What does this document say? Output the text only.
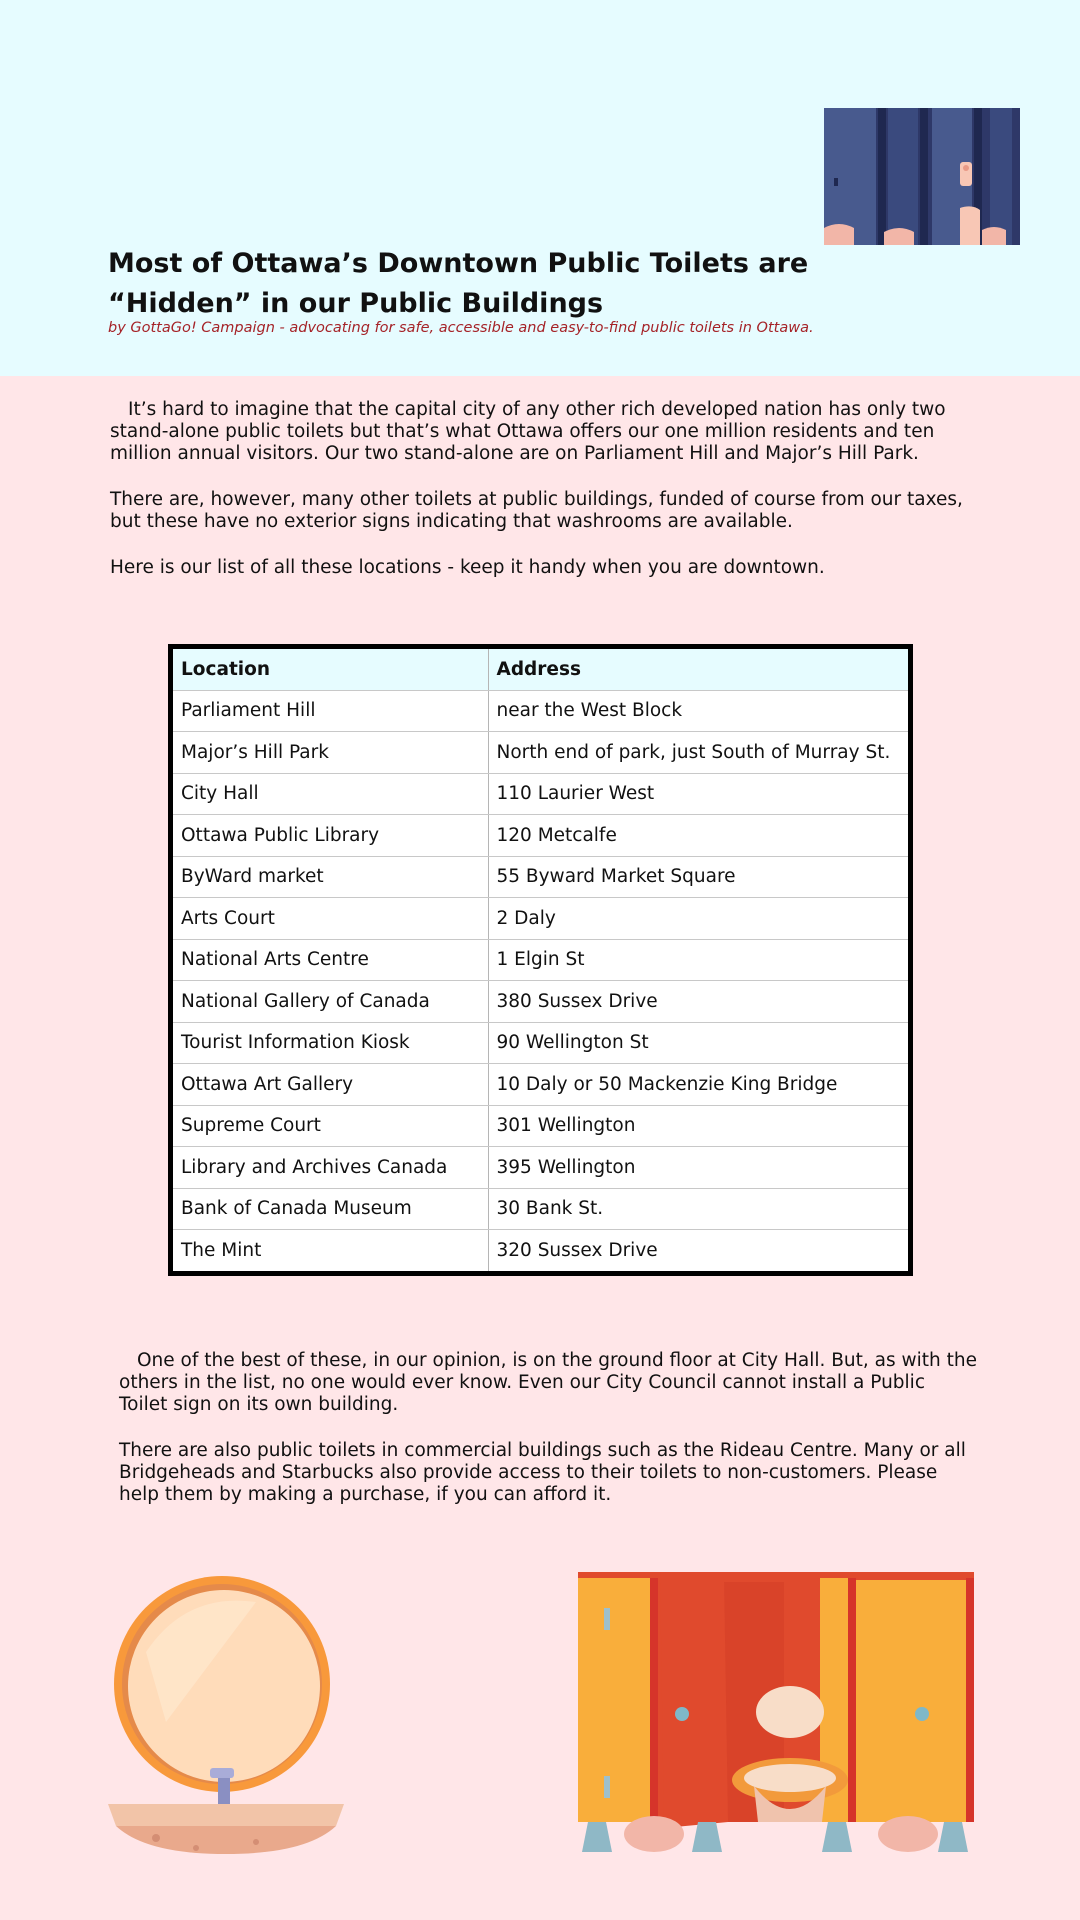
Most of Ottawa’s Downtown Public Toilets are
“Hidden” in our Public Buildings
by GottaGo! Campaign - advocating for safe, accessible and easy-to-find public toilets in Ottawa.

It’s hard to imagine that the capital city of any other rich developed nation has only two stand-alone public toilets but that’s what Ottawa offers our one million residents and ten million annual visitors. Our two stand-alone are on Parliament Hill and Major’s Hill Park.

There are, however, many other toilets at public buildings, funded of course from our taxes, but these have no exterior signs indicating that washrooms are available.

Here is our list of all these locations - keep it handy when you are downtown.

Location	Address
Parliament Hill	near the West Block
Major’s Hill Park	North end of park, just South of Murray St.
City Hall	110 Laurier West
Ottawa Public Library	120 Metcalfe
ByWard market	55 Byward Market Square
Arts Court	2 Daly
National Arts Centre	1 Elgin St
National Gallery of Canada	380 Sussex Drive
Tourist Information Kiosk	90 Wellington St
Ottawa Art Gallery	10 Daly or 50 Mackenzie King Bridge
Supreme Court	301 Wellington
Library and Archives Canada	395 Wellington
Bank of Canada Museum	30 Bank St.
The Mint	320 Sussex Drive

One of the best of these, in our opinion, is on the ground floor at City Hall. But, as with the others in the list, no one would ever know. Even our City Council cannot install a Public Toilet sign on its own building.

There are also public toilets in commercial buildings such as the Rideau Centre. Many or all Bridgeheads and Starbucks also provide access to their toilets to non-customers. Please help them by making a purchase, if you can afford it.
